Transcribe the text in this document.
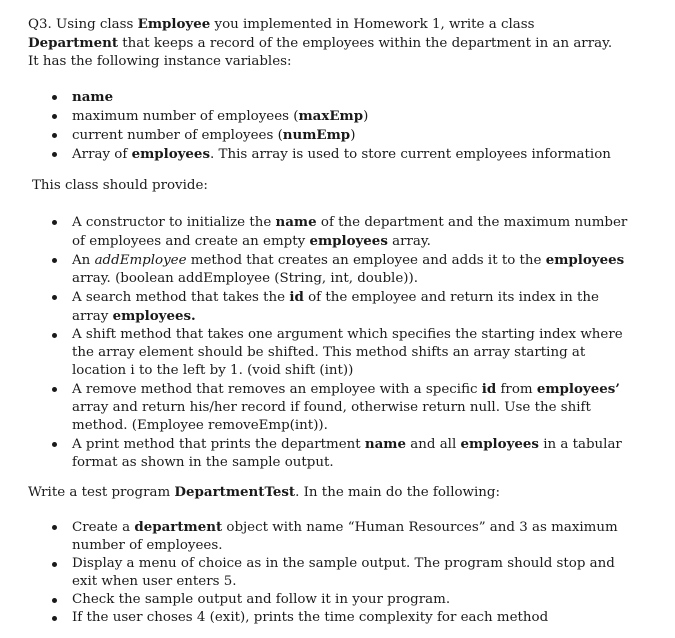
Q3. Using class Employee you implemented in Homework 1, write a class Department that keeps a record of the employees within the department in an array. It has the following instance variables:

name
maximum number of employees (maxEmp)
current number of employees (numEmp)
Array of employees. This array is used to store current employees information

This class should provide:

A constructor to initialize the name of the department and the maximum number of employees and create an empty employees array.
An addEmployee method that creates an employee and adds it to the employees array. (boolean addEmployee (String, int, double)).
A search method that takes the id of the employee and return its index in the array employees.
A shift method that takes one argument which specifies the starting index where the array element should be shifted. This method shifts an array starting at location i to the left by 1. (void shift (int))
A remove method that removes an employee with a specific id from employees’ array and return his/her record if found, otherwise return null. Use the shift method. (Employee removeEmp(int)).
A print method that prints the department name and all employees in a tabular format as shown in the sample output.

Write a test program DepartmentTest. In the main do the following:

Create a department object with name “Human Resources” and 3 as maximum number of employees.
Display a menu of choice as in the sample output. The program should stop and exit when user enters 5.
Check the sample output and follow it in your program.
If the user choses 4 (exit), prints the time complexity for each method
